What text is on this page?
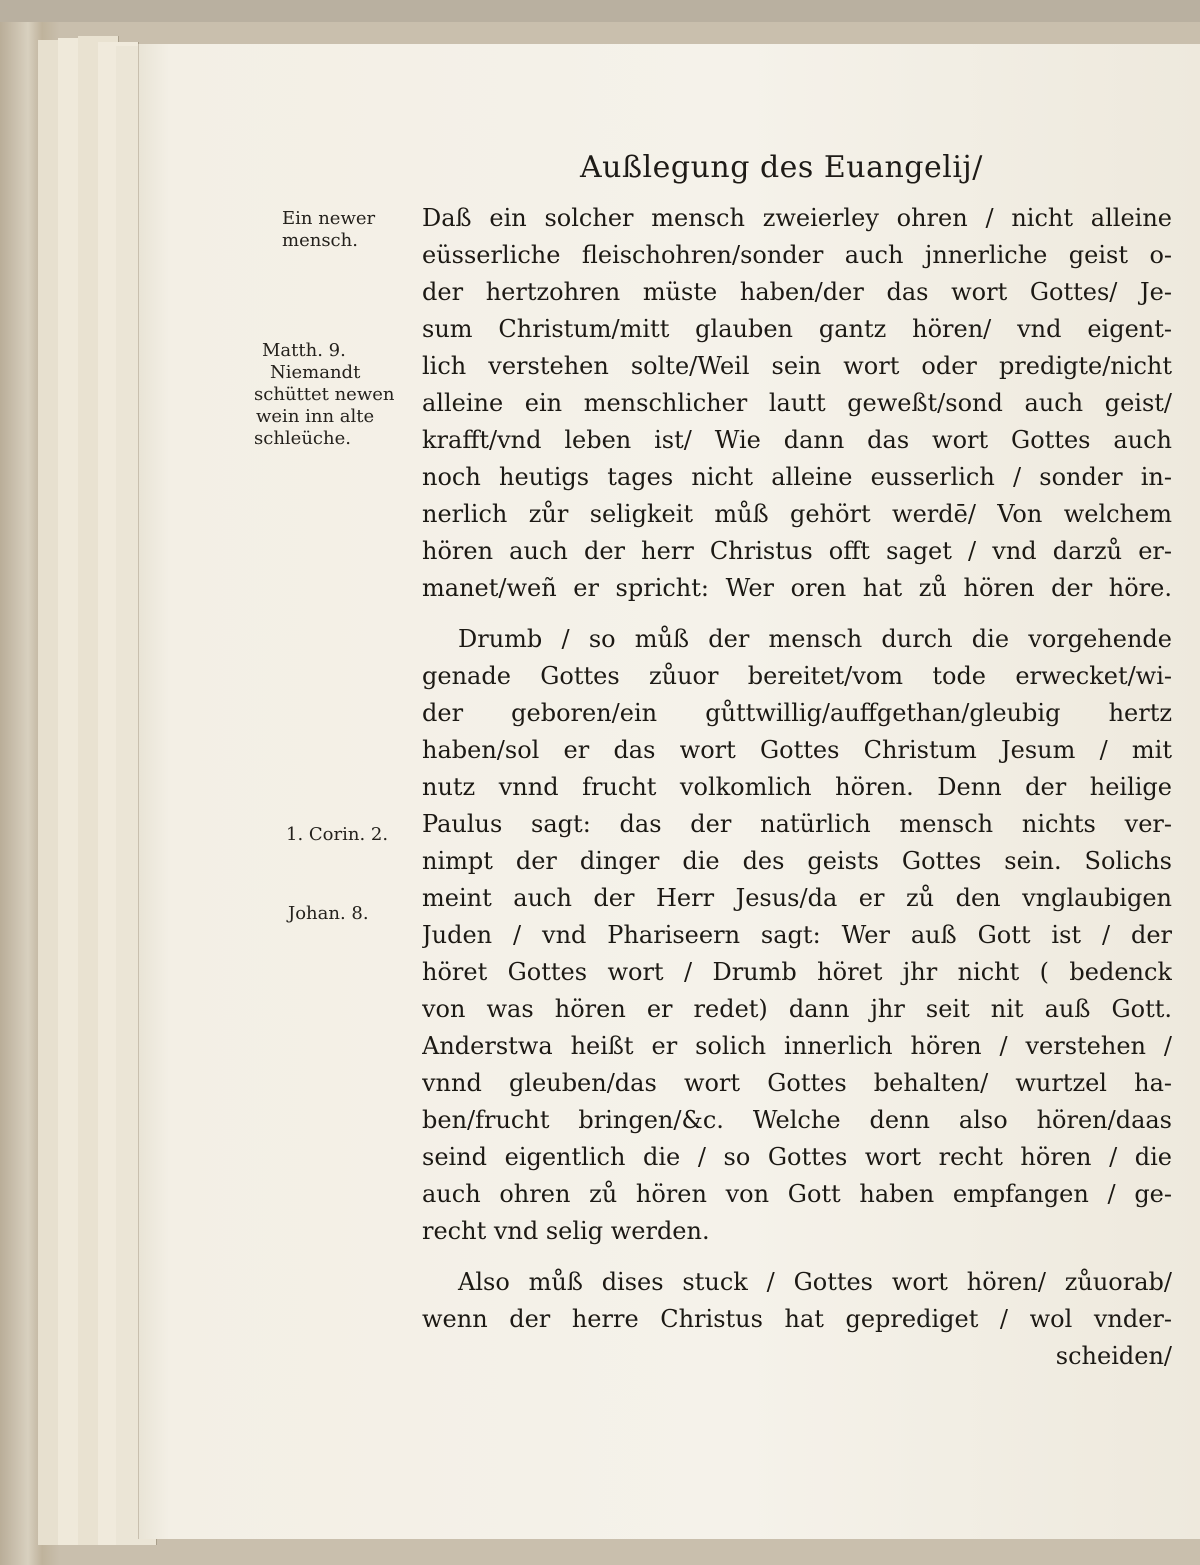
Außlegung des Euangelij/
Ein newer
mensch.
Matth. 9.
Niemandt
schüttet newen
wein inn alte
schleüche.
1. Corin. 2.
Johan. 8.
Daß ein solcher mensch zweierley ohren / nicht alleine
eüsserliche fleischohren/sonder auch jnnerliche geist o-
der hertzohren müste haben/der das wort Gottes/ Je-
sum Christum/mitt glauben gantz hören/ vnd eigent-
lich verstehen solte/Weil sein wort oder predigte/nicht
alleine ein menschlicher lautt geweßt/sond auch geist/
krafft/vnd leben ist/ Wie dann das wort Gottes auch
noch heutigs tages nicht alleine eusserlich / sonder in-
nerlich zůr seligkeit můß gehört werdē/ Von welchem
hören auch der herr Christus offt saget / vnd darzů er-
manet/weñ er spricht: Wer oren hat zů hören der höre.
Drumb / so můß der mensch durch die vorgehende
genade Gottes zůuor bereitet/vom tode erwecket/wi-
der geboren/ein gůttwillig/auffgethan/gleubig hertz
haben/sol er das wort Gottes Christum Jesum / mit
nutz vnnd frucht volkomlich hören. Denn der heilige
Paulus sagt: das der natürlich mensch nichts ver-
nimpt der dinger die des geists Gottes sein. Solichs
meint auch der Herr Jesus/da er zů den vnglaubigen
Juden / vnd Phariseern sagt: Wer auß Gott ist / der
höret Gottes wort / Drumb höret jhr nicht ( bedenck
von was hören er redet) dann jhr seit nit auß Gott.
Anderstwa heißt er solich innerlich hören / verstehen /
vnnd gleuben/das wort Gottes behalten/ wurtzel ha-
ben/frucht bringen/&c. Welche denn also hören/daas
seind eigentlich die / so Gottes wort recht hören / die
auch ohren zů hören von Gott haben empfangen / ge-
recht vnd selig werden.
Also můß dises stuck / Gottes wort hören/ zůuorab/
wenn der herre Christus hat geprediget / wol vnder-
scheiden/
